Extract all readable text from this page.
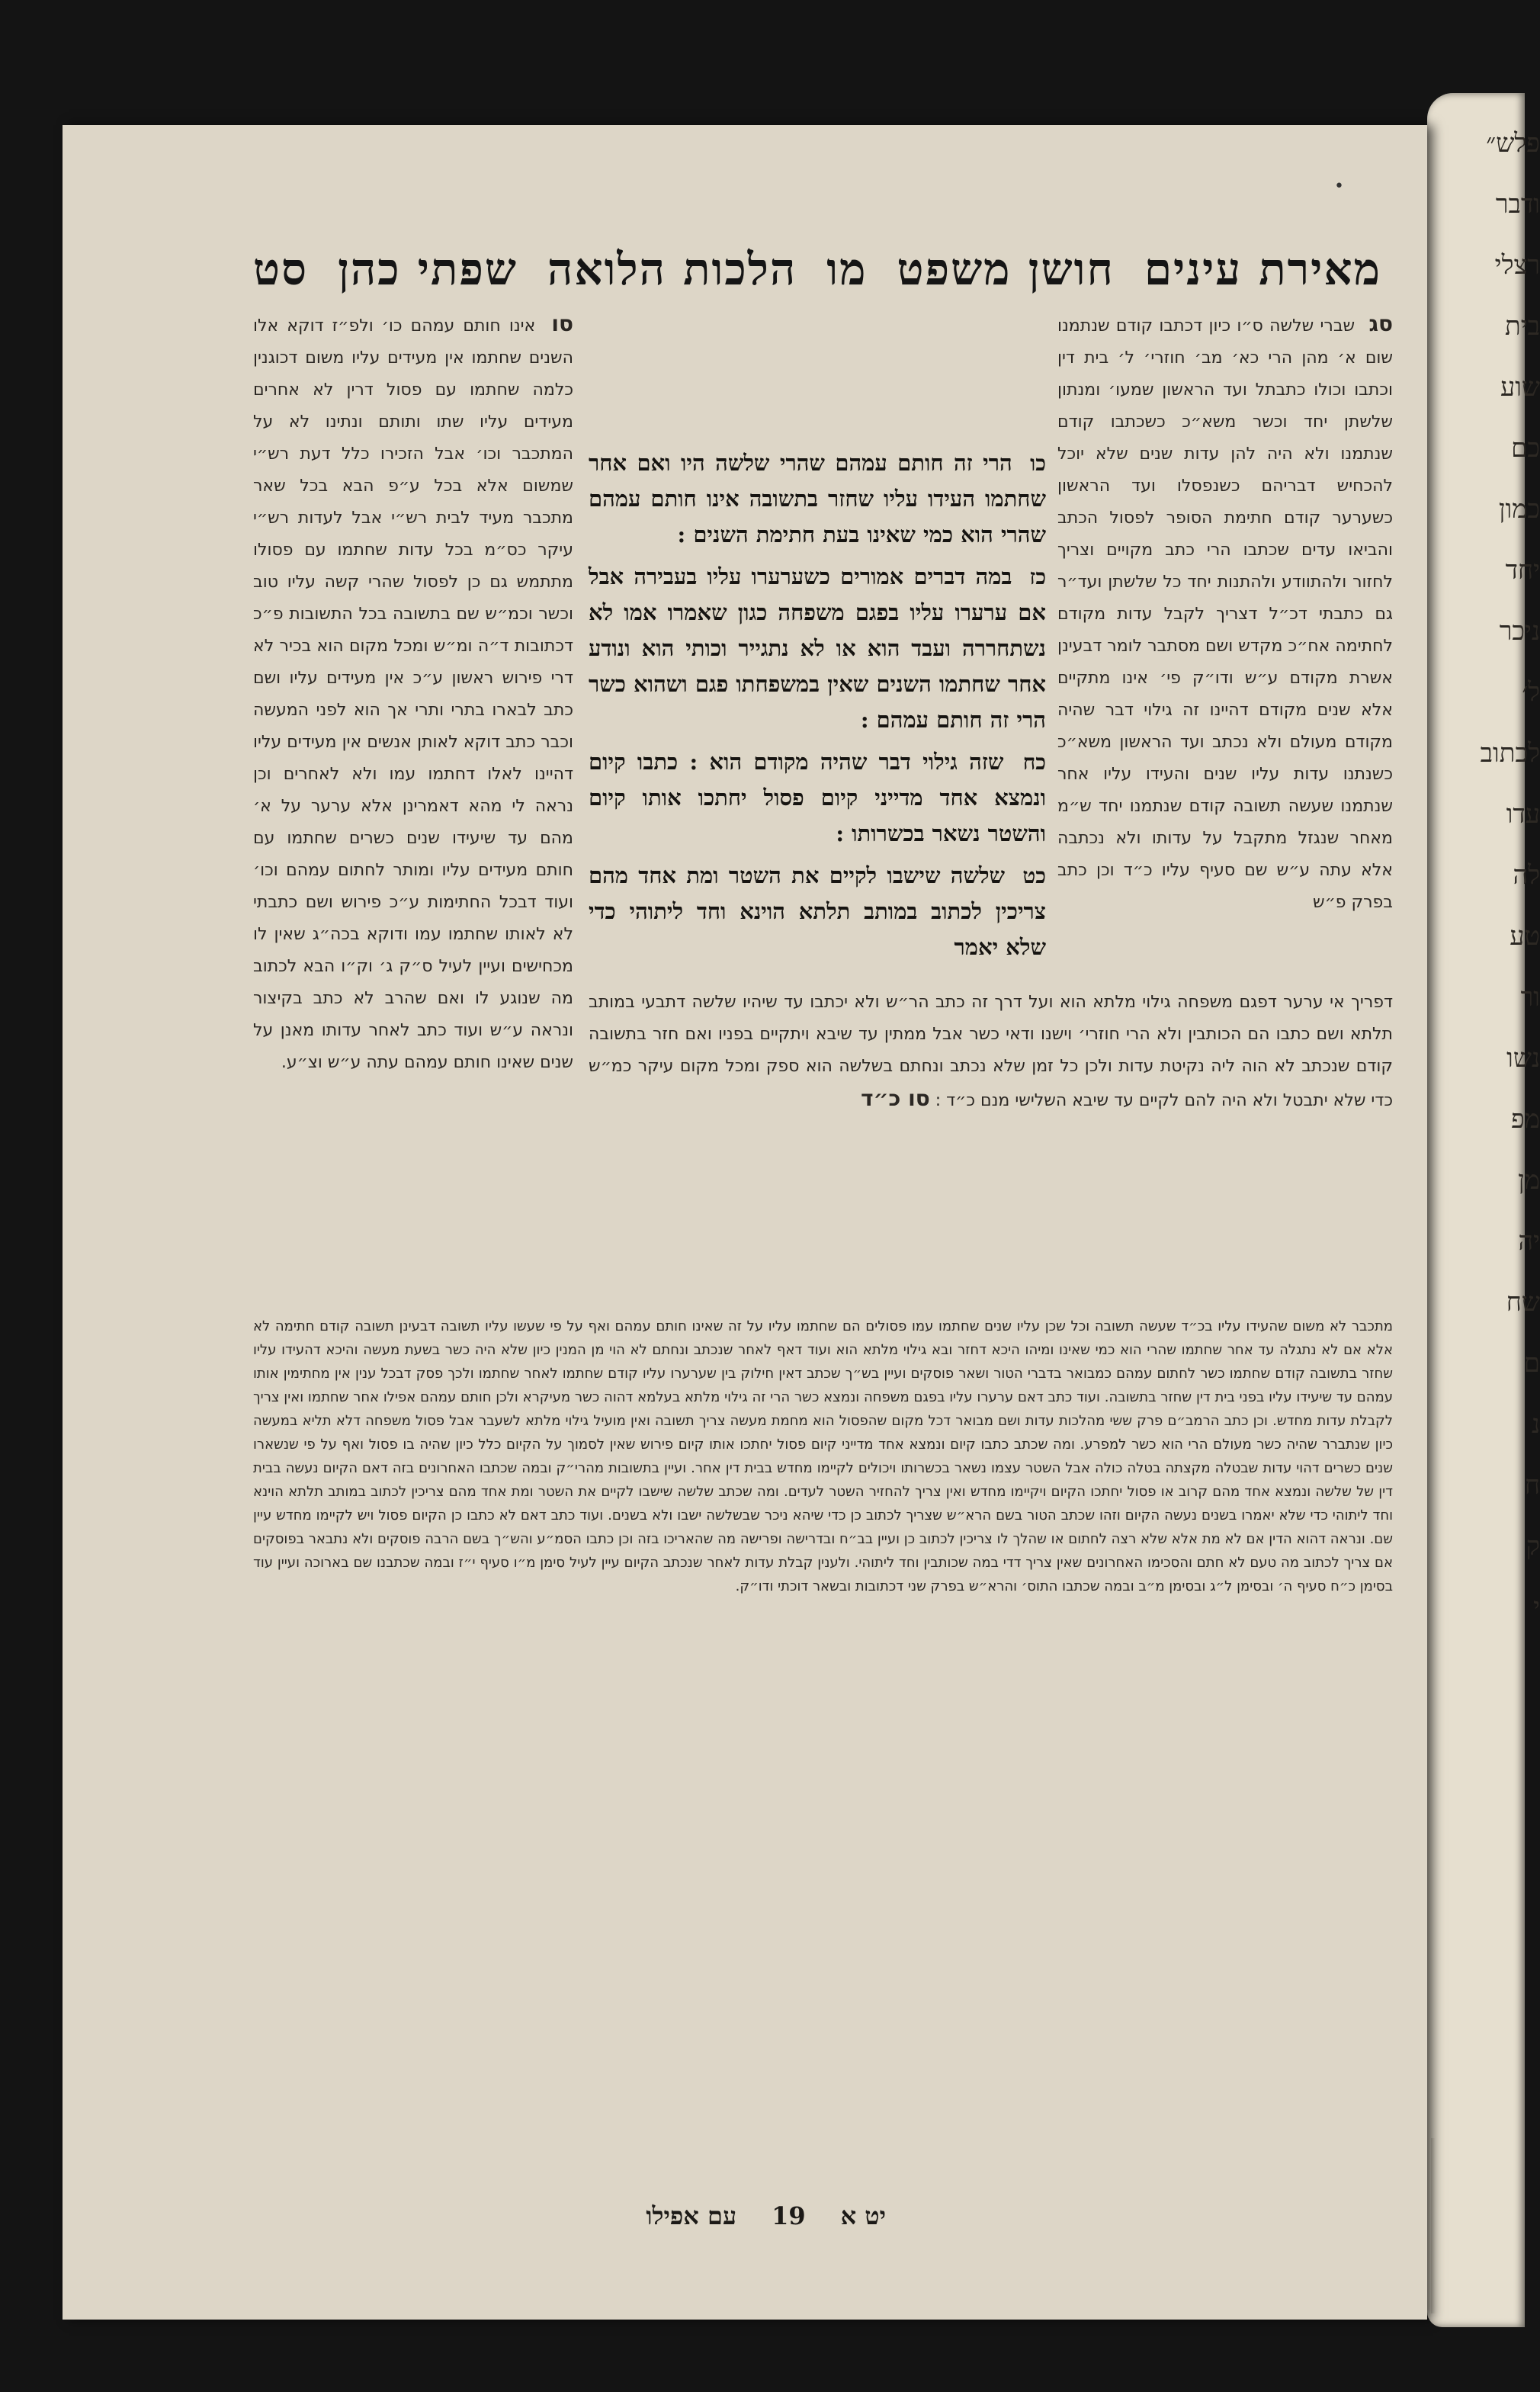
פלש״
ודבר
רצלי
בית
שוע
כם
כמון
יחד
ניכר
ל׳
לכתוב
עדו
לה
טע
ור
נשו
מפ
מן
יה
שח
ם
נ
ח
ק
י
•
מאירת עינים
חושן משפט
מו
הלכות הלואה
שפתי כהן
סט
סג שברי שלשה ס״ו כיון דכתבו קודם שנתמנו שום א׳ מהן הרי כא׳ מב׳ חוזרי׳ ל׳ בית דין וכתבו וכולו כתבתל ועד הראשון שמעו׳ ומנתון שלשתן יחד וכשר משא״כ כשכתבו קודם שנתמנו ולא היה להן עדות שנים שלא יוכל להכחיש דבריהם כשנפסלו ועד הראשון כשערער קודם חתימת הסופר לפסול הכתב והביאו עדים שכתבו הרי כתב מקויים וצריך לחזור ולהתוודע ולהתנות יחד כל שלשתן ועד״ר גם כתבתי דכ״ל דצריך לקבל עדות מקודם לחתימה אח״כ מקדש ושם מסתבר לומר דבעינן אשרת מקודם ע״ש ודו״ק פי׳ אינו מתקיים אלא שנים מקודם דהיינו זה גילוי דבר שהיה מקודם מעולם ולא נכתב ועד הראשון משא״כ כשנתנו עדות עליו שנים והעידו עליו אחר שנתמנו שעשה תשובה קודם שנתמנו יחד ש״מ מאחר שנגזל מתקבל על עדותו ולא נכתבה אלא עתה ע״ש שם סעיף עליו כ״ד וכן כתב בפרק פ״ש
סו אינו חותם עמהם כו׳ ולפ״ז דוקא אלו השנים שחתמו אין מעידים עליו משום דכוגנין כלמה שחתמו עם פסול דרין לא אחרים מעידים עליו שתו ותותם ונתינו לא על המתכבר וכו׳ אבל הזכירו כלל דעת רש״י שמשום אלא בכל ע״פ הבא בכל שאר מתכבר מעיד לבית רש״י אבל לעדות רש״י עיקר כס״מ בכל עדות שחתמו עם פסולו מתתמש גם כן לפסול שהרי קשה עליו טוב וכשר וכמ״ש שם בתשובה בכל התשובות פ״כ דכתובות ד״ה ומ״ש ומכל מקום הוא בכיר לא דרי פירוש ראשון ע״כ אין מעידים עליו ושם כתב לבארו בתרי ותרי אך הוא לפני המעשה וכבר כתב דוקא לאותן אנשים אין מעידים עליו דהיינו לאלו דחתמו עמו ולא לאחרים וכן נראה לי מהא דאמרינן אלא ערער על א׳ מהם עד שיעידו שנים כשרים שחתמו עם חותם מעידים עליו ומותר לחתום עמהם וכו׳ ועוד דבכל החתימות ע״כ פירוש ושם כתבתי לא לאותו שחתמו עמו ודוקא בכה״ג שאין לו מכחישים ועיין לעיל ס״ק ג׳ וק״ו הבא לכתוב מה שנוגע לו ואם שהרב לא כתב בקיצור ונראה ע״ש ועוד כתב לאחר עדותו מאנן על שנים שאינו חותם עמהם עתה ע״ש וצ״ע.

כו הרי זה חותם עמהם שהרי שלשה היו ואם אחר שחתמו העידו עליו שחזר בתשובה אינו חותם עמהם שהרי הוא כמי שאינו בעת חתימת השנים :

כז במה דברים אמורים כשערערו עליו בעבירה אבל אם ערערו עליו בפגם משפחה כגון שאמרו אמו לא נשתחררה ועבד הוא או לא נתגייר וכותי הוא ונודע אחר שחתמו השנים שאין במשפחתו פגם ושהוא כשר הרי זה חותם עמהם :

כח שזה גילוי דבר שהיה מקודם הוא : כתבו קיום ונמצא אחד מדייני קיום פסול יחתכו אותו קיום והשטר נשאר בכשרותו :

כט שלשה שישבו לקיים את השטר ומת אחד מהם צריכין לכתוב במותב תלתא הוינא וחד ליתוהי כדי שלא יאמר

דפריך אי ערער דפגם משפחה גילוי מלתא הוא ועל דרך זה כתב הר״ש ולא יכתבו עד שיהיו שלשה דתבעי במותב תלתא ושם כתבו הם הכותבין ולא הרי חוזרי׳ וישנו ודאי כשר אבל ממתין עד שיבא ויתקיים בפניו ואם חזר בתשובה קודם שנכתב לא הוה ליה נקיטת עדות ולכן כל זמן שלא נכתב ונחתם בשלשה הוא ספק ומכל מקום עיקר כמ״ש כדי שלא יתבטל ולא היה להם לקיים עד שיבא השלישי מנם כ״ד : סו כ״ד
מתכבר לא משום שהעידו עליו בכ״ד שעשה תשובה וכל שכן עליו שנים שחתמו עמו פסולים הם שחתמו עליו על זה שאינו חותם עמהם ואף על פי שעשו עליו תשובה דבעינן תשובה קודם חתימה לא אלא אם לא נתגלה עד אחר שחתמו שהרי הוא כמי שאינו ומיהו היכא דחזר ובא גילוי מלתא הוא ועוד דאף לאחר שנכתב ונחתם לא הוי מן המנין כיון שלא היה כשר בשעת מעשה והיכא דהעידו עליו שחזר בתשובה קודם שחתמו כשר לחתום עמהם כמבואר בדברי הטור ושאר פוסקים ועיין בש״ך שכתב דאין חילוק בין שערערו עליו קודם שחתמו לאחר שחתמו ולכך פסק דבכל ענין אין מחתימין אותו עמהם עד שיעידו עליו בפני בית דין שחזר בתשובה. ועוד כתב דאם ערערו עליו בפגם משפחה ונמצא כשר הרי זה גילוי מלתא בעלמא דהוה כשר מעיקרא ולכן חותם עמהם אפילו אחר שחתמו ואין צריך לקבלת עדות מחדש. וכן כתב הרמב״ם פרק ששי מהלכות עדות ושם מבואר דכל מקום שהפסול הוא מחמת מעשה צריך תשובה ואין מועיל גילוי מלתא לשעבר אבל פסול משפחה דלא תליא במעשה כיון שנתברר שהיה כשר מעולם הרי הוא כשר למפרע. ומה שכתב כתבו קיום ונמצא אחד מדייני קיום פסול יחתכו אותו קיום פירוש שאין לסמוך על הקיום כלל כיון שהיה בו פסול ואף על פי שנשארו שנים כשרים דהוי עדות שבטלה מקצתה בטלה כולה אבל השטר עצמו נשאר בכשרותו ויכולים לקיימו מחדש בבית דין אחר. ועיין בתשובות מהרי״ק ובמה שכתבו האחרונים בזה דאם הקיום נעשה בבית דין של שלשה ונמצא אחד מהם קרוב או פסול יחתכו הקיום ויקיימו מחדש ואין צריך להחזיר השטר לעדים. ומה שכתב שלשה שישבו לקיים את השטר ומת אחד מהם צריכין לכתוב במותב תלתא הוינא וחד ליתוהי כדי שלא יאמרו בשנים נעשה הקיום וזהו שכתב הטור בשם הרא״ש שצריך לכתוב כן כדי שיהא ניכר שבשלשה ישבו ולא בשנים. ועוד כתב דאם לא כתבו כן הקיום פסול ויש לקיימו מחדש עיין שם. ונראה דהוא הדין אם לא מת אלא שלא רצה לחתום או שהלך לו צריכין לכתוב כן ועיין בב״ח ובדרישה ופרישה מה שהאריכו בזה וכן כתבו הסמ״ע והש״ך בשם הרבה פוסקים ולא נתבאר בפוסקים אם צריך לכתוב מה טעם לא חתם והסכימו האחרונים שאין צריך דדי במה שכותבין וחד ליתוהי. ולענין קבלת עדות לאחר שנכתב הקיום עיין לעיל סימן מ״ו סעיף י״ז ובמה שכתבנו שם בארוכה ועיין עוד בסימן כ״ח סעיף ה׳ ובסימן ל״ג ובסימן מ״ב ובמה שכתבו התוס׳ והרא״ש בפרק שני דכתובות ובשאר דוכתי ודו״ק.
יט א
19
עם אפילו
